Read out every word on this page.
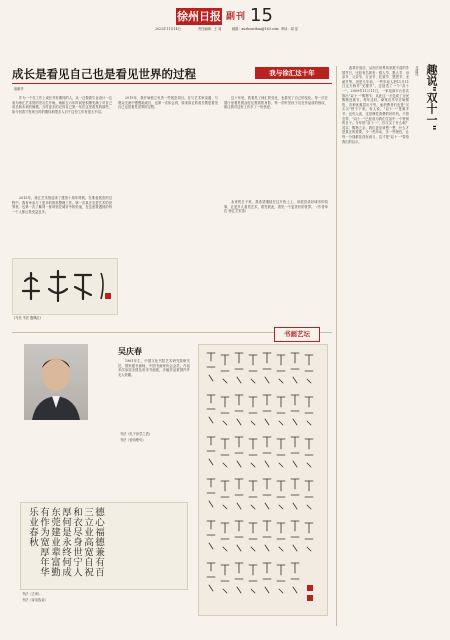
徐州日报 副刊 15
2022年11月14日	责任编辑：王 周	邮箱：xuzhouribao@163.com 审读：周 星
成长是看见自己也是看见世界的过程	我与徐汇这十年
唐颖华
作为一个在工作上成长并有期待的人，从一边做着毕业设计一边成为徐汇艺术馆的见习生开始，就和五六年时间里积攒充满了对自己成长和未来的憧憬。当时更多的记得自己第一年在这里看见的那些，如今回看才发现当时的期待和很多人对于这份工作有很大不同。
2015年，徐汇艺术馆迎来了建馆十周年特展。在准备展览的过程中，我有幸参与了更多的资料整理工作，第一次真正走进艺术的世界里。也第一次了解到一座场馆在城市中的价值，在这里我遇到的每一个人都让我受益良多。
2019年，我开始独立负责一些展览项目。在与艺术家沟通、与观众交流中慢慢地成长，也第一次体会到，原来真正的成长既是看见自己也是看见世界的过程。
这十年里，我看见了徐汇的变化，也看见了自己的变化。每一次在展厅里看见观众驻足观看的身影，每一次听见孩子们在作品前的惊叹，都让我对这份工作多了一份热爱。
未来的日子里，我希望继续在这片热土上，用展览讲好城市的故事，让更多人看见艺术，看见彼此，看见一个更美好的世界。（作者单位 徐汇艺术馆）
(马光 书法 殷佩红)
趣说"双十一"
马道连
改革开放后，从西方世界传来数不清的外国节日，比较有名的有：情人节、愚人节、母亲节、父亲节、万圣节、狂欢节、感恩节、圣诞节等。但是几年前，一些年轻人把11月11日这天称作"光棍节"，还创造了一个"双十一"。2009年11月11日，一家电商平台首次推出"双十一"购物节，从此这一天变成了全民购物狂欢节。每年这时，商家们早早开始预热，各种优惠层出不穷，而消费者们也是"买买买"停不下来。有人说，"双十一"是剁手节；也有人说，这是理性消费的好时机。不管怎样，"双十一"已经成为我们生活中一个特别的日子。今年的"双十一"，你又买了什么呢？其实，购物之余，我们更应该想一想，什么才是真正的需要。少一些冲动，多一些理性，让每一分钱都花得有意义，这才是"双十一"带给我们的启示。
书画艺坛
吴庆春
1961年生，中国文化书院艺术研究院研究员，国家级书画师，中国书画家协会会员。作品多次参加全国及省市书画展，多幅作品被国内外友人收藏。
德心福德兼有百三立业高宽自祝和衣尽身世宁人厚何是永终何成东莞建业辈富勤有作为宽厚年华乐业春秋
书法《古训》
书法《诗词选录》
书法《孔子论学之语》
书法《论诗绝句》
